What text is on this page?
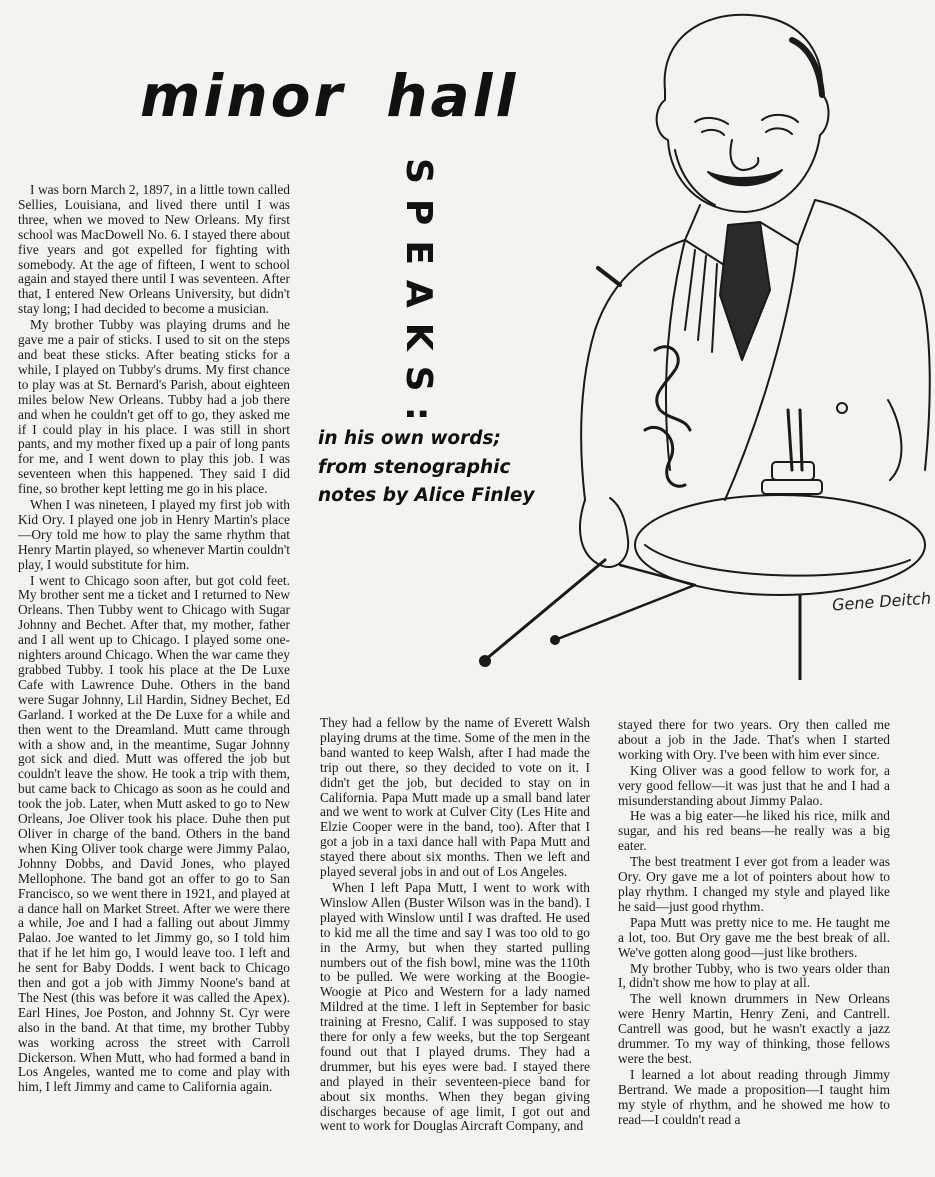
minor hall
SPEAKS:
in his own words;
from stenographic
notes by Alice Finley
Gene Deitch

I was born March 2, 1897, in a little town called Sellies, Louisiana, and lived there until I was three, when we moved to New Orleans. My first school was MacDowell No. 6. I stayed there about five years and got expelled for fighting with somebody. At the age of fifteen, I went to school again and stayed there until I was seventeen. After that, I entered New Orleans University, but didn't stay long; I had decided to become a musician.

My brother Tubby was playing drums and he gave me a pair of sticks. I used to sit on the steps and beat these sticks. After beating sticks for a while, I played on Tubby's drums. My first chance to play was at St. Bernard's Parish, about eighteen miles below New Orleans. Tubby had a job there and when he couldn't get off to go, they asked me if I could play in his place. I was still in short pants, and my mother fixed up a pair of long pants for me, and I went down to play this job. I was seventeen when this happened. They said I did fine, so brother kept letting me go in his place.

When I was nineteen, I played my first job with Kid Ory. I played one job in Henry Martin's place—Ory told me how to play the same rhythm that Henry Martin played, so whenever Martin couldn't play, I would substitute for him.

I went to Chicago soon after, but got cold feet. My brother sent me a ticket and I returned to New Orleans. Then Tubby went to Chicago with Sugar Johnny and Bechet. After that, my mother, father and I all went up to Chicago. I played some one-nighters around Chicago. When the war came they grabbed Tubby. I took his place at the De Luxe Cafe with Lawrence Duhe. Others in the band were Sugar Johnny, Lil Hardin, Sidney Bechet, Ed Garland. I worked at the De Luxe for a while and then went to the Dreamland. Mutt came through with a show and, in the meantime, Sugar Johnny got sick and died. Mutt was offered the job but couldn't leave the show. He took a trip with them, but came back to Chicago as soon as he could and took the job. Later, when Mutt asked to go to New Orleans, Joe Oliver took his place. Duhe then put Oliver in charge of the band. Others in the band when King Oliver took charge were Jimmy Palao, Johnny Dobbs, and David Jones, who played Mellophone. The band got an offer to go to San Francisco, so we went there in 1921, and played at a dance hall on Market Street. After we were there a while, Joe and I had a falling out about Jimmy Palao. Joe wanted to let Jimmy go, so I told him that if he let him go, I would leave too. I left and he sent for Baby Dodds. I went back to Chicago then and got a job with Jimmy Noone's band at The Nest (this was before it was called the Apex). Earl Hines, Joe Poston, and Johnny St. Cyr were also in the band. At that time, my brother Tubby was working across the street with Carroll Dickerson. When Mutt, who had formed a band in Los Angeles, wanted me to come and play with him, I left Jimmy and came to California again.

They had a fellow by the name of Everett Walsh playing drums at the time. Some of the men in the band wanted to keep Walsh, after I had made the trip out there, so they decided to vote on it. I didn't get the job, but decided to stay on in California. Papa Mutt made up a small band later and we went to work at Culver City (Les Hite and Elzie Cooper were in the band, too). After that I got a job in a taxi dance hall with Papa Mutt and stayed there about six months. Then we left and played several jobs in and out of Los Angeles.

When I left Papa Mutt, I went to work with Winslow Allen (Buster Wilson was in the band). I played with Winslow until I was drafted. He used to kid me all the time and say I was too old to go in the Army, but when they started pulling numbers out of the fish bowl, mine was the 110th to be pulled. We were working at the Boogie-Woogie at Pico and Western for a lady named Mildred at the time. I left in September for basic training at Fresno, Calif. I was supposed to stay there for only a few weeks, but the top Sergeant found out that I played drums. They had a drummer, but his eyes were bad. I stayed there and played in their seventeen-piece band for about six months. When they began giving discharges because of age limit, I got out and went to work for Douglas Aircraft Company, and

stayed there for two years. Ory then called me about a job in the Jade. That's when I started working with Ory. I've been with him ever since.

King Oliver was a good fellow to work for, a very good fellow—it was just that he and I had a misunderstanding about Jimmy Palao.

He was a big eater—he liked his rice, milk and sugar, and his red beans—he really was a big eater.

The best treatment I ever got from a leader was Ory. Ory gave me a lot of pointers about how to play rhythm. I changed my style and played like he said—just good rhythm.

Papa Mutt was pretty nice to me. He taught me a lot, too. But Ory gave me the best break of all. We've gotten along good—just like brothers.

My brother Tubby, who is two years older than I, didn't show me how to play at all.

The well known drummers in New Orleans were Henry Martin, Henry Zeni, and Cantrell. Cantrell was good, but he wasn't exactly a jazz drummer. To my way of thinking, those fellows were the best.

I learned a lot about reading through Jimmy Bertrand. We made a proposition—I taught him my style of rhythm, and he showed me how to read—I couldn't read a
